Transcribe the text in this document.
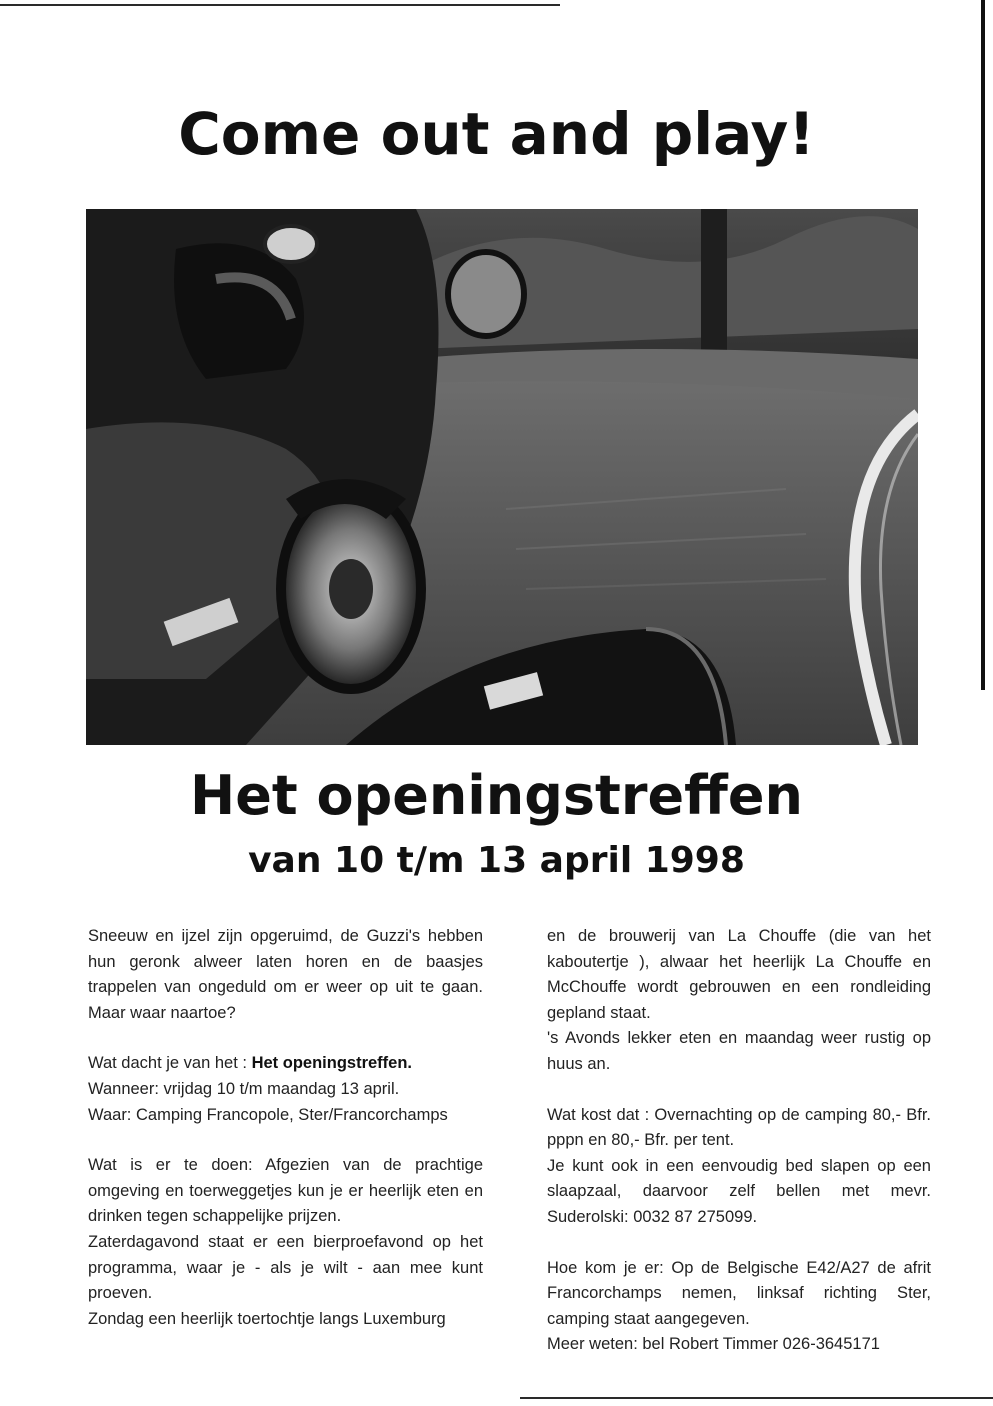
Come out and play!
Het openingstreffen
van 10 t/m 13 april 1998

Sneeuw en ijzel zijn opgeruimd, de Guzzi's hebben hun geronk alweer laten horen en de baasjes trappelen van ongeduld om er weer op uit te gaan. Maar waar naartoe?

Wat dacht je van het : Het openingstreffen.

Wanneer: vrijdag 10 t/m maandag 13 april.

Waar: Camping Francopole, Ster/Francorchamps

Wat is er te doen: Afgezien van de prachtige omgeving en toerweggetjes kun je er heerlijk eten en drinken tegen schappelijke prijzen.

Zaterdagavond staat er een bierproefavond op het programma, waar je - als je wilt - aan mee kunt proeven.

Zondag een heerlijk toertochtje langs Luxemburg

en de brouwerij van La Chouffe (die van het kaboutertje ), alwaar het heerlijk La Chouffe en McChouffe wordt gebrouwen en een rondleiding gepland staat.

's Avonds lekker eten en maandag weer rustig op huus an.

Wat kost dat : Overnachting op de camping 80,- Bfr. pppn en 80,- Bfr. per tent.

Je kunt ook in een eenvoudig bed slapen op een slaapzaal, daarvoor zelf bellen met mevr. Suderolski: 0032 87 275099.

Hoe kom je er: Op de Belgische E42/A27 de afrit Francorchamps nemen, linksaf richting Ster, camping staat aangegeven.

Meer weten: bel Robert Timmer 026-3645171
